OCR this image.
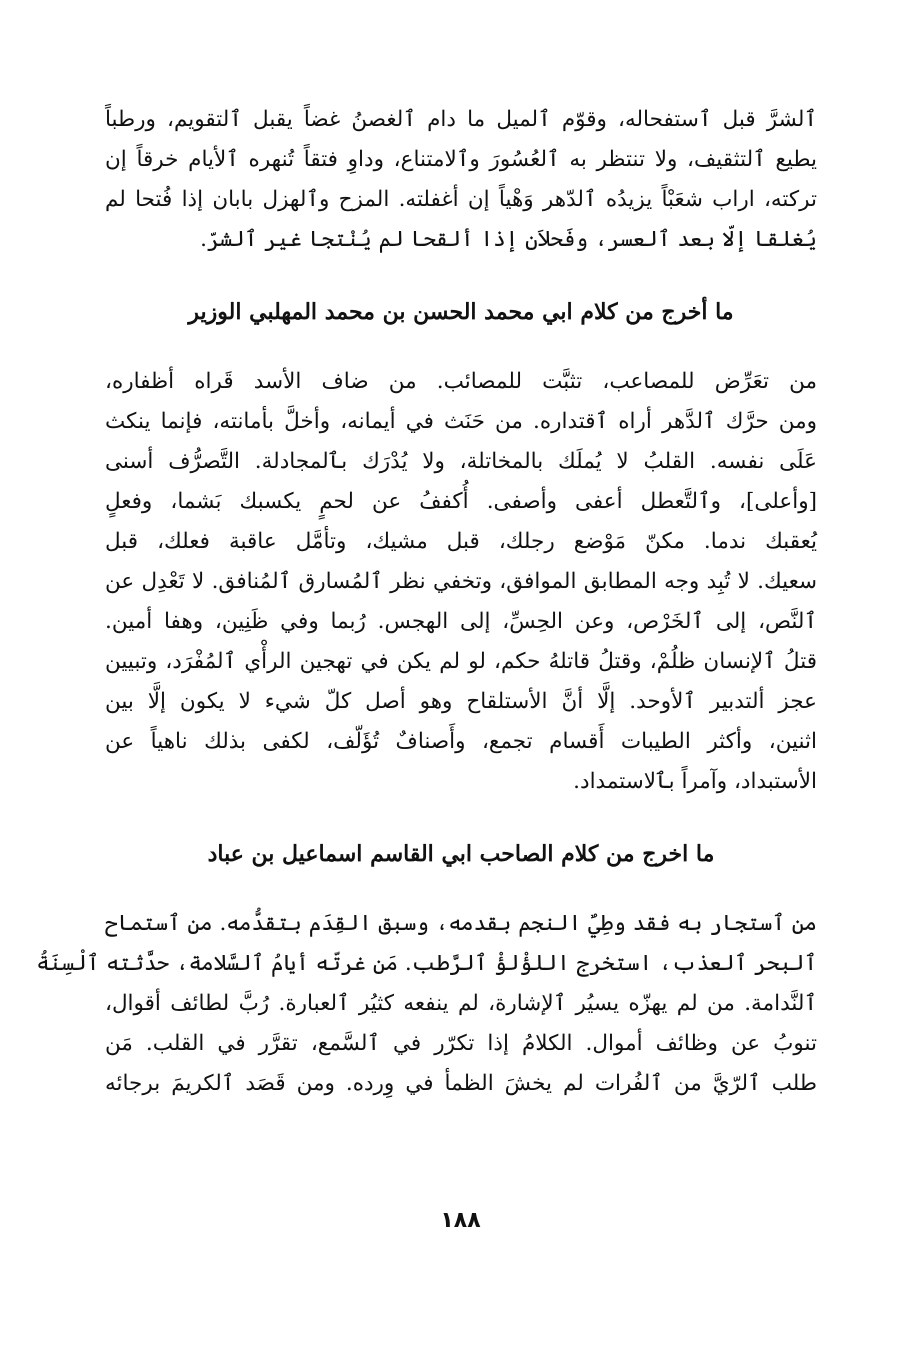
ٱلشرَّ قبل ٱستفحاله، وقوّم ٱلميل ما دام ٱلغصنُ غضاً يقبل ٱلتقويم، ورطباً
يطيع ٱلتثقيف، ولا تنتظر به ٱلعُسُورَ وٱلامتناع، وداوِ فتقاً تُنهره ٱلأيام خرقاً إن
تركته، اراب شعَبْاً يزيدُه ٱلدّهر وَهْياً إن أغفلته. المزح وٱلهزل بابان إذا فُتحا لم
يُغلقا إلّا بعد ٱلعسر، وفَحلاَن إذا ألقحا لم يُنْتجا غير ٱلشرّ.
ما أخرج من كلام ابي محمد الحسن بن محمد المهلبي الوزير
من تعَرِّض للمصاعب، تثبَّت للمصائب. من ضاف الأسد قَراه أظفاره،
ومن حرَّك ٱلدَّهر أراه ٱقتداره. من حَنَث في أيمانه، وأخلَّ بأمانته، فإنما ينكث
عَلَى نفسه. القلبُ لا يُملَك بالمخاتلة، ولا يُدْرَك بٱلمجادلة. التَّصرُّف أسنى
[وأعلى]، وٱلتَّعطل أعفى وأصفى. أُكففُ عن لحمٍ يكسبك بَشما، وفعلٍ
يُعقبك ندما. مكنّ مَوْضع رجلك، قبل مشيك، وتأمَّل عاقبة فعلك، قبل
سعيك. لا تُبِد وجه المطابق الموافق، وتخفي نظر ٱلمُسارق ٱلمُنافق. لا تَعْدِل عن
ٱلنَّص، إلى ٱلخَرْص، وعن الحِسِّ، إلى الهجس. رُبما وفي ظَنِين، وهفا أمين.
قتلُ ٱلإنسان ظلُمْ، وقتلُ قاتلهُ حكم، لو لم يكن في تهجين الرأْي ٱلمُفْرَد، وتبيين
عجز ألتدبير ٱلأوحد. إلَّا أنَّ الأستلقاح وهو أصل كلّ شيء لا يكون إلَّا بين
اثنين، وأكثر الطيبات أَقسام تجمع، وأَصنافٌ تُؤَلّف، لكفى بذلك ناهياً عن
الأستبداد، وآمراً بٱلاستمداد.
ما اخرج من كلام الصاحب ابي القاسم اسماعيل بن عباد
من ٱستجار به فقد وطِيٌ النجم بقدمه، وسبق القِدَم بتقدُّمه. من ٱستماح
ٱلبحر ٱلعذب، استخرج اللؤْلؤْ ٱلرَّطب. مَن غرتّه أيامُ ٱلسَّلامة، حدَّثته ٱلْسِنَةُ
ٱلنَّدامة. من لم يهزّه يسيُر ٱلإشارة، لم ينفعه كثيُر ٱلعبارة. رُبَّ لطائف أقوال،
تنوبُ عن وظائف أموال. الكلامُ إذا تكرّر في ٱلسَّمع، تقرَّر في القلب. مَن
طلب ٱلرّيَّ من ٱلفُرات لم يخشَ الظمأ في وِرده. ومن قَصَد ٱلكريمَ برجائه
١٨٨
